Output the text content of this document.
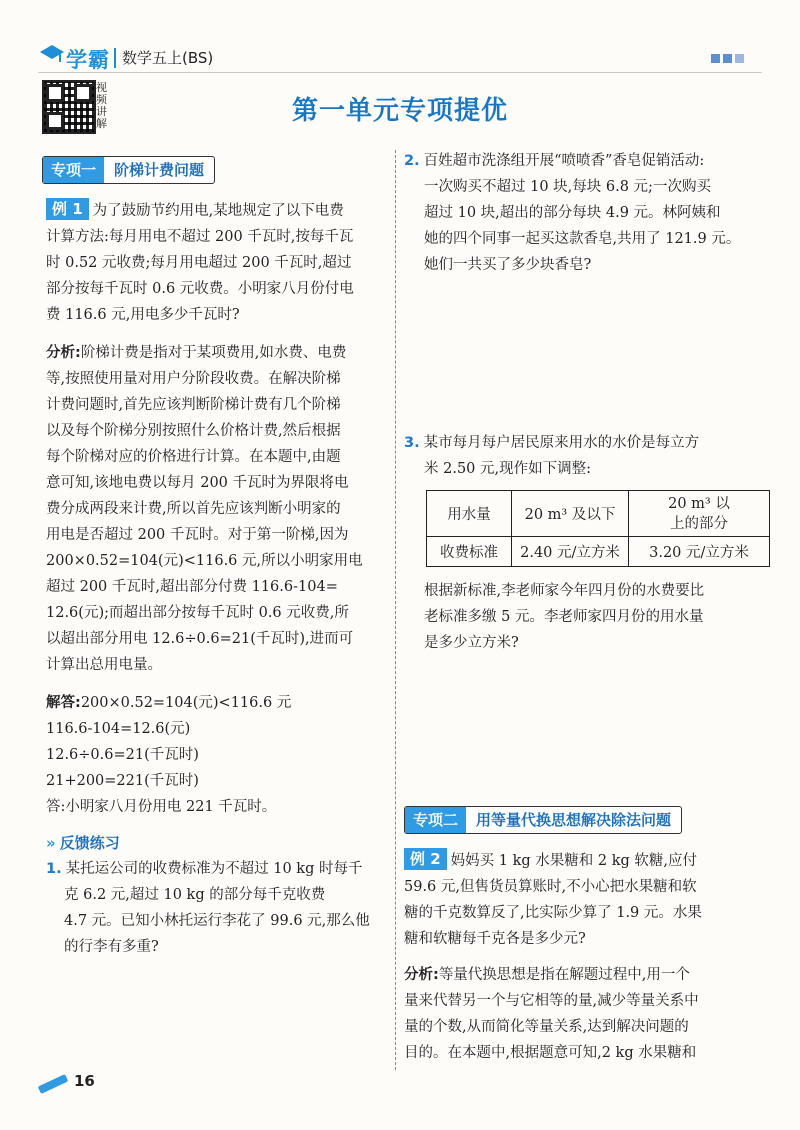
学霸 数学五上(BS)
视频讲解	第一单元专项提优
专项一	阶梯计费问题
例 1 为了鼓励节约用电,某地规定了以下电费
计算方法:每月用电不超过 200 千瓦时,按每千瓦
时 0.52 元收费;每月用电超过 200 千瓦时,超过
部分按每千瓦时 0.6 元收费。小明家八月份付电
费 116.6 元,用电多少千瓦时?
分析:阶梯计费是指对于某项费用,如水费、电费
等,按照使用量对用户分阶段收费。在解决阶梯
计费问题时,首先应该判断阶梯计费有几个阶梯
以及每个阶梯分别按照什么价格计费,然后根据
每个阶梯对应的价格进行计算。在本题中,由题
意可知,该地电费以每月 200 千瓦时为界限将电
费分成两段来计费,所以首先应该判断小明家的
用电是否超过 200 千瓦时。对于第一阶梯,因为
200×0.52=104(元)<116.6 元,所以小明家用电
超过 200 千瓦时,超出部分付费 116.6-104=
12.6(元);而超出部分按每千瓦时 0.6 元收费,所
以超出部分用电 12.6÷0.6=21(千瓦时),进而可
计算出总用电量。
解答:200×0.52=104(元)<116.6 元
116.6-104=12.6(元)
12.6÷0.6=21(千瓦时)
21+200=221(千瓦时)
答:小明家八月份用电 221 千瓦时。
» 反馈练习
1. 某托运公司的收费标准为不超过 10 kg 时每千
克 6.2 元,超过 10 kg 的部分每千克收费
4.7 元。已知小林托运行李花了 99.6 元,那么他
的行李有多重?
2. 百姓超市洗涤组开展“喷喷香”香皂促销活动:
一次购买不超过 10 块,每块 6.8 元;一次购买
超过 10 块,超出的部分每块 4.9 元。林阿姨和
她的四个同事一起买这款香皂,共用了 121.9 元。
她们一共买了多少块香皂?
3. 某市每月每户居民原来用水的水价是每立方
米 2.50 元,现作如下调整:
用水量	20 m³ 及以下	20 m³ 以
上的部分

收费标准	2.40 元/立方米	3.20 元/立方米
根据新标准,李老师家今年四月份的水费要比
老标准多缴 5 元。李老师家四月份的用水量
是多少立方米?
专项二	用等量代换思想解决除法问题
例 2 妈妈买 1 kg 水果糖和 2 kg 软糖,应付
59.6 元,但售货员算账时,不小心把水果糖和软
糖的千克数算反了,比实际少算了 1.9 元。水果
糖和软糖每千克各是多少元?
分析:等量代换思想是指在解题过程中,用一个
量来代替另一个与它相等的量,减少等量关系中
量的个数,从而简化等量关系,达到解决问题的
目的。在本题中,根据题意可知,2 kg 水果糖和
16
